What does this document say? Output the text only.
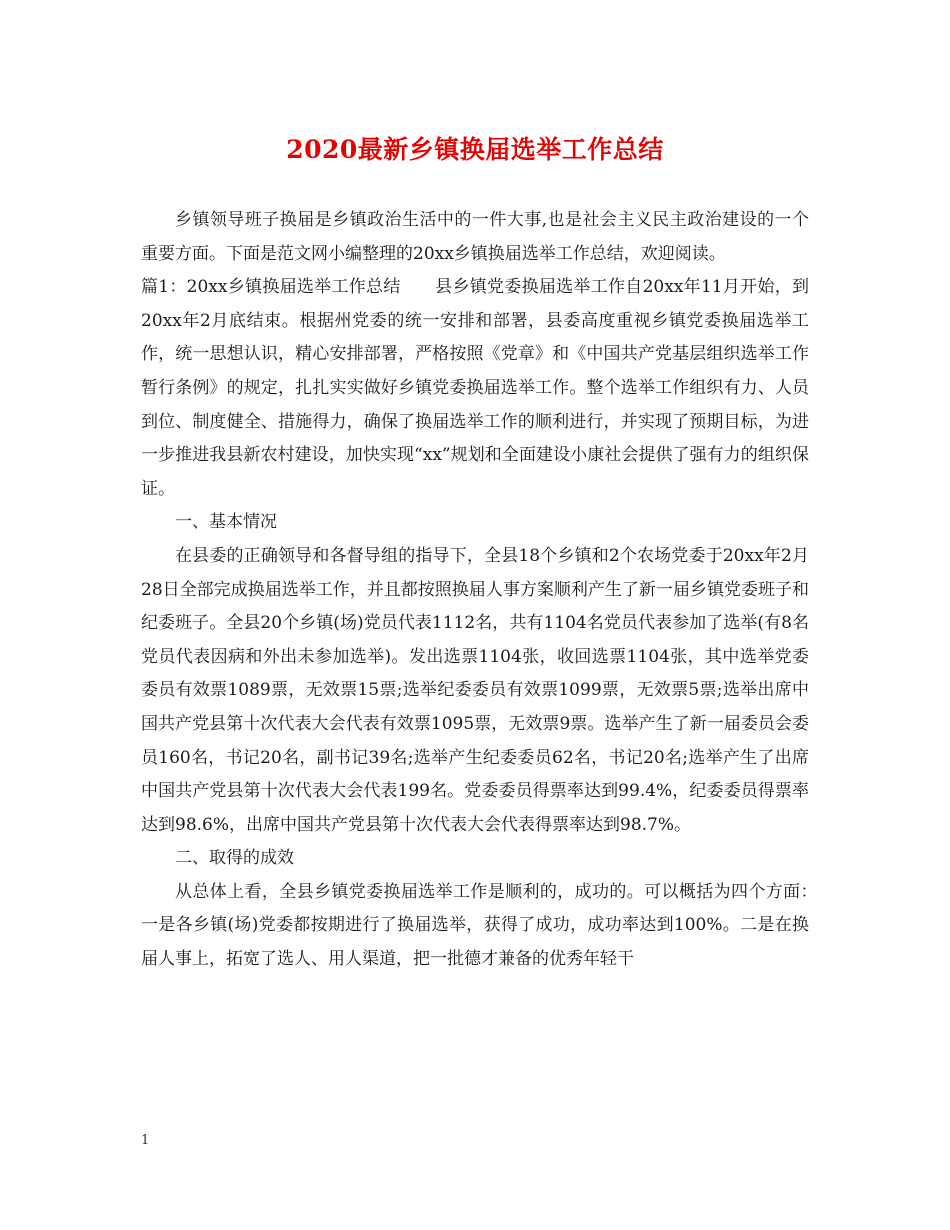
2020最新乡镇换届选举工作总结

乡镇领导班子换届是乡镇政治生活中的一件大事,也是社会主义民主政治建设的一个重要方面。下面是范文网小编整理的20xx乡镇换届选举工作总结，欢迎阅读。

篇1：20xx乡镇换届选举工作总结　　县乡镇党委换届选举工作自20xx年11月开始，到20xx年2月底结束。根据州党委的统一安排和部署，县委高度重视乡镇党委换届选举工作，统一思想认识，精心安排部署，严格按照《党章》和《中国共产党基层组织选举工作暂行条例》的规定，扎扎实实做好乡镇党委换届选举工作。整个选举工作组织有力、人员到位、制度健全、措施得力，确保了换届选举工作的顺利进行，并实现了预期目标，为进一步推进我县新农村建设，加快实现“xx”规划和全面建设小康社会提供了强有力的组织保证。

一、基本情况

在县委的正确领导和各督导组的指导下，全县18个乡镇和2个农场党委于20xx年2月28日全部完成换届选举工作，并且都按照换届人事方案顺利产生了新一届乡镇党委班子和纪委班子。全县20个乡镇(场)党员代表1112名，共有1104名党员代表参加了选举(有8名党员代表因病和外出未参加选举)。发出选票1104张，收回选票1104张，其中选举党委委员有效票1089票，无效票15票;选举纪委委员有效票1099票，无效票5票;选举出席中国共产党县第十次代表大会代表有效票1095票，无效票9票。选举产生了新一届委员会委员160名，书记20名，副书记39名;选举产生纪委委员62名，书记20名;选举产生了出席中国共产党县第十次代表大会代表199名。党委委员得票率达到99.4%，纪委委员得票率达到98.6%，出席中国共产党县第十次代表大会代表得票率达到98.7%。

二、取得的成效

从总体上看，全县乡镇党委换届选举工作是顺利的，成功的。可以概括为四个方面：　一是各乡镇(场)党委都按期进行了换届选举，获得了成功，成功率达到100%。二是在换届人事上，拓宽了选人、用人渠道，把一批德才兼备的优秀年轻干

1
